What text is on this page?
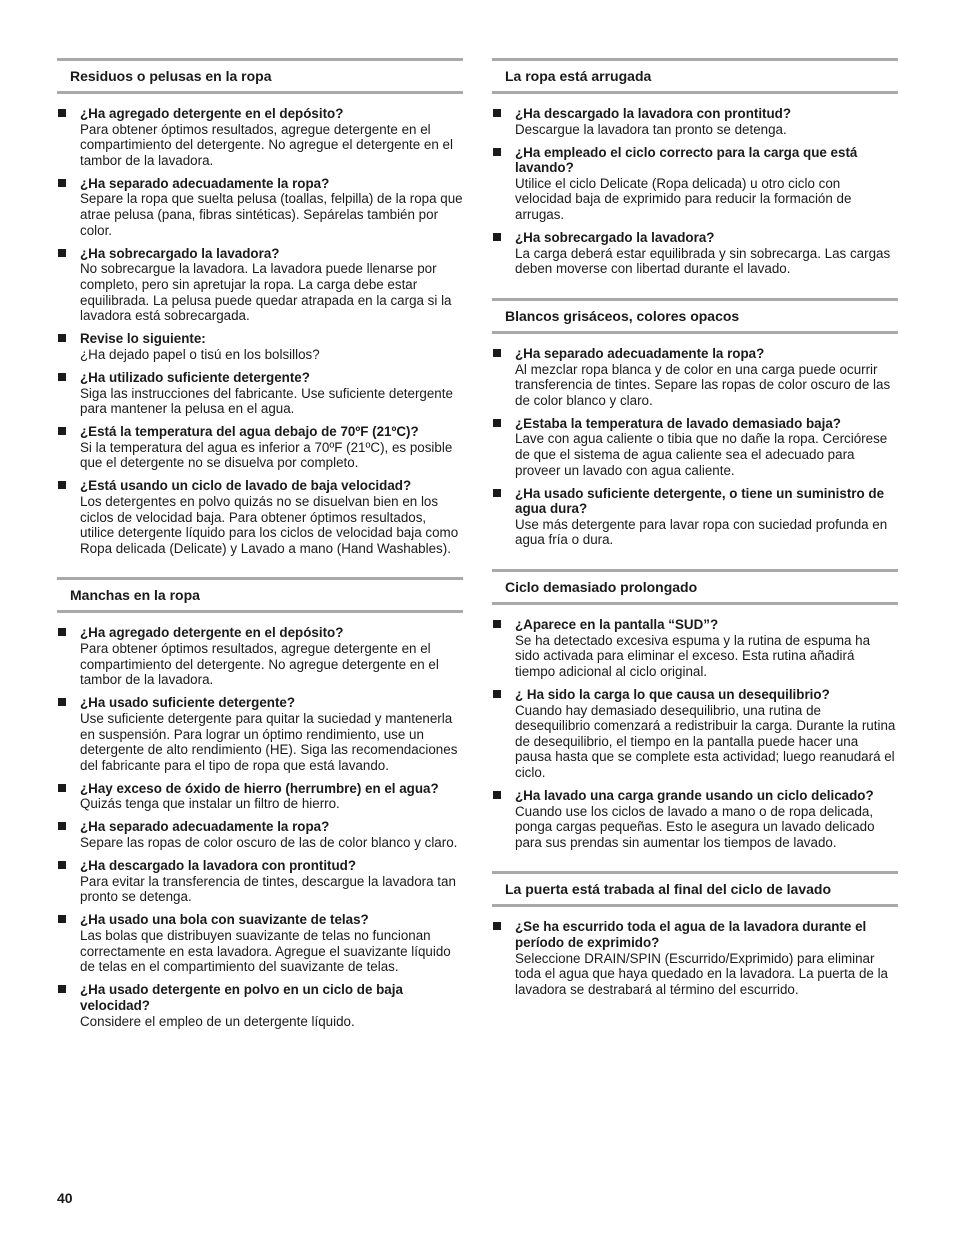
Residuos o pelusas en la ropa
¿Ha agregado detergente en el depósito?
Para obtener óptimos resultados, agregue detergente en el compartimiento del detergente. No agregue el detergente en el tambor de la lavadora.
¿Ha separado adecuadamente la ropa?
Separe la ropa que suelta pelusa (toallas, felpilla) de la ropa que atrae pelusa (pana, fibras sintéticas). Sepárelas también por color.
¿Ha sobrecargado la lavadora?
No sobrecargue la lavadora. La lavadora puede llenarse por completo, pero sin apretujar la ropa. La carga debe estar equilibrada. La pelusa puede quedar atrapada en la carga si la lavadora está sobrecargada.
Revise lo siguiente:
¿Ha dejado papel o tisú en los bolsillos?
¿Ha utilizado suficiente detergente?
Siga las instrucciones del fabricante. Use suficiente detergente para mantener la pelusa en el agua.
¿Está la temperatura del agua debajo de 70ºF (21ºC)?
Si la temperatura del agua es inferior a 70ºF (21ºC), es posible que el detergente no se disuelva por completo.
¿Está usando un ciclo de lavado de baja velocidad?
Los detergentes en polvo quizás no se disuelvan bien en los ciclos de velocidad baja. Para obtener óptimos resultados, utilice detergente líquido para los ciclos de velocidad baja como Ropa delicada (Delicate) y Lavado a mano (Hand Washables).
Manchas en la ropa
¿Ha agregado detergente en el depósito?
Para obtener óptimos resultados, agregue detergente en el compartimiento del detergente. No agregue detergente en el tambor de la lavadora.
¿Ha usado suficiente detergente?
Use suficiente detergente para quitar la suciedad y mantenerla en suspensión. Para lograr un óptimo rendimiento, use un detergente de alto rendimiento (HE). Siga las recomendaciones del fabricante para el tipo de ropa que está lavando.
¿Hay exceso de óxido de hierro (herrumbre) en el agua?
Quizás tenga que instalar un filtro de hierro.
¿Ha separado adecuadamente la ropa?
Separe las ropas de color oscuro de las de color blanco y claro.
¿Ha descargado la lavadora con prontitud?
Para evitar la transferencia de tintes, descargue la lavadora tan pronto se detenga.
¿Ha usado una bola con suavizante de telas?
Las bolas que distribuyen suavizante de telas no funcionan correctamente en esta lavadora. Agregue el suavizante líquido de telas en el compartimiento del suavizante de telas.
¿Ha usado detergente en polvo en un ciclo de baja velocidad?
Considere el empleo de un detergente líquido.
La ropa está arrugada
¿Ha descargado la lavadora con prontitud?
Descargue la lavadora tan pronto se detenga.
¿Ha empleado el ciclo correcto para la carga que está lavando?
Utilice el ciclo Delicate (Ropa delicada) u otro ciclo con velocidad baja de exprimido para reducir la formación de arrugas.
¿Ha sobrecargado la lavadora?
La carga deberá estar equilibrada y sin sobrecarga. Las cargas deben moverse con libertad durante el lavado.
Blancos grisáceos, colores opacos
¿Ha separado adecuadamente la ropa?
Al mezclar ropa blanca y de color en una carga puede ocurrir transferencia de tintes. Separe las ropas de color oscuro de las de color blanco y claro.
¿Estaba la temperatura de lavado demasiado baja?
Lave con agua caliente o tibia que no dañe la ropa. Cerciórese de que el sistema de agua caliente sea el adecuado para proveer un lavado con agua caliente.
¿Ha usado suficiente detergente, o tiene un suministro de agua dura?
Use más detergente para lavar ropa con suciedad profunda en agua fría o dura.
Ciclo demasiado prolongado
¿Aparece en la pantalla “SUD”?
Se ha detectado excesiva espuma y la rutina de espuma ha sido activada para eliminar el exceso. Esta rutina añadirá tiempo adicional al ciclo original.
¿ Ha sido la carga lo que causa un desequilibrio?
Cuando hay demasiado desequilibrio, una rutina de desequilibrio comenzará a redistribuir la carga. Durante la rutina de desequilibrio, el tiempo en la pantalla puede hacer una pausa hasta que se complete esta actividad; luego reanudará el ciclo.
¿Ha lavado una carga grande usando un ciclo delicado?
Cuando use los ciclos de lavado a mano o de ropa delicada, ponga cargas pequeñas. Esto le asegura un lavado delicado para sus prendas sin aumentar los tiempos de lavado.
La puerta está trabada al final del ciclo de lavado
¿Se ha escurrido toda el agua de la lavadora durante el período de exprimido?
Seleccione DRAIN/SPIN (Escurrido/Exprimido) para eliminar toda el agua que haya quedado en la lavadora. La puerta de la lavadora se destrabará al término del escurrido.
40
